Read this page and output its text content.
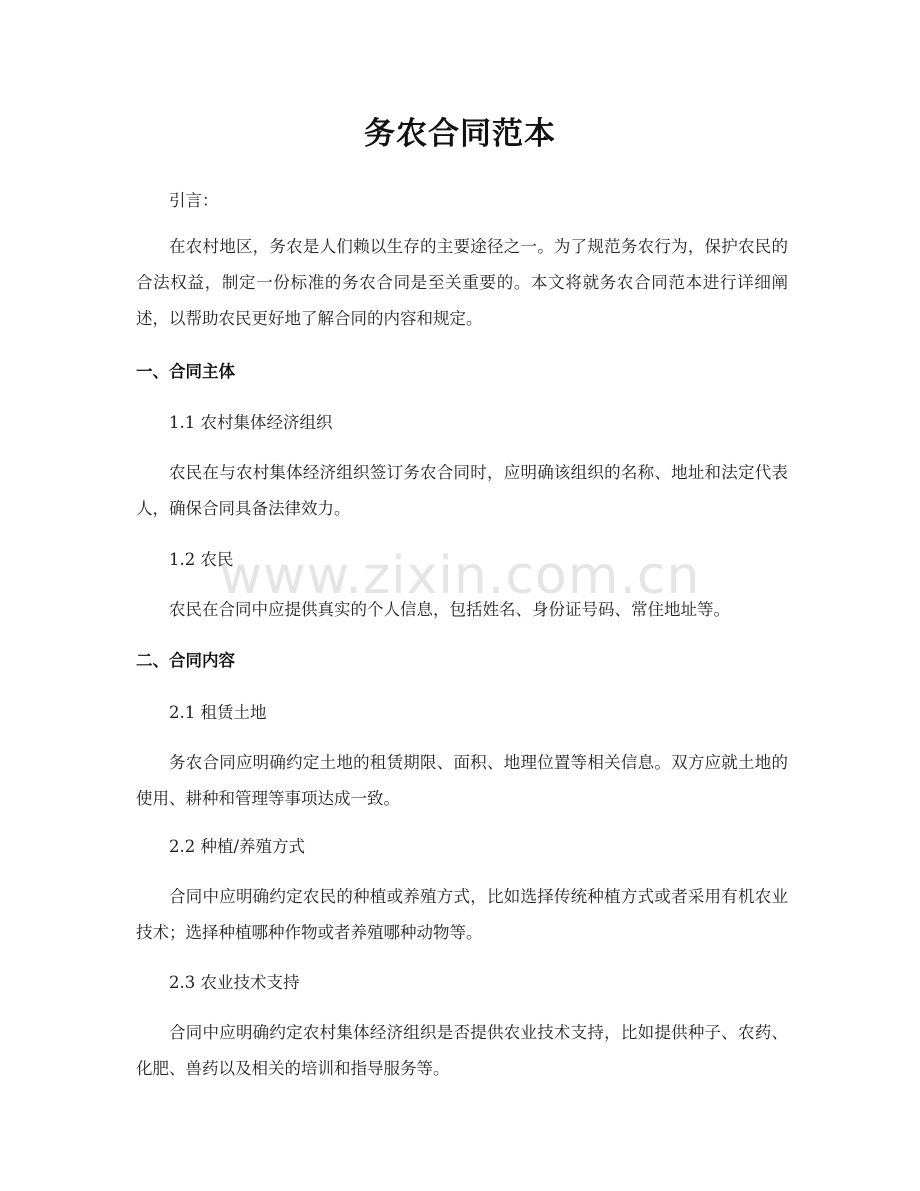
务农合同范本

引言：

在农村地区，务农是人们赖以生存的主要途径之一。为了规范务农行为，保护农民的合法权益，制定一份标准的务农合同是至关重要的。本文将就务农合同范本进行详细阐述，以帮助农民更好地了解合同的内容和规定。

一、合同主体

1.1 农村集体经济组织

农民在与农村集体经济组织签订务农合同时，应明确该组织的名称、地址和法定代表人，确保合同具备法律效力。

1.2 农民

农民在合同中应提供真实的个人信息，包括姓名、身份证号码、常住地址等。

二、合同内容

2.1 租赁土地

务农合同应明确约定土地的租赁期限、面积、地理位置等相关信息。双方应就土地的使用、耕种和管理等事项达成一致。

2.2 种植/养殖方式

合同中应明确约定农民的种植或养殖方式，比如选择传统种植方式或者采用有机农业技术；选择种植哪种作物或者养殖哪种动物等。

2.3 农业技术支持

合同中应明确约定农村集体经济组织是否提供农业技术支持，比如提供种子、农药、化肥、兽药以及相关的培训和指导服务等。

www.zixin.com.cn
